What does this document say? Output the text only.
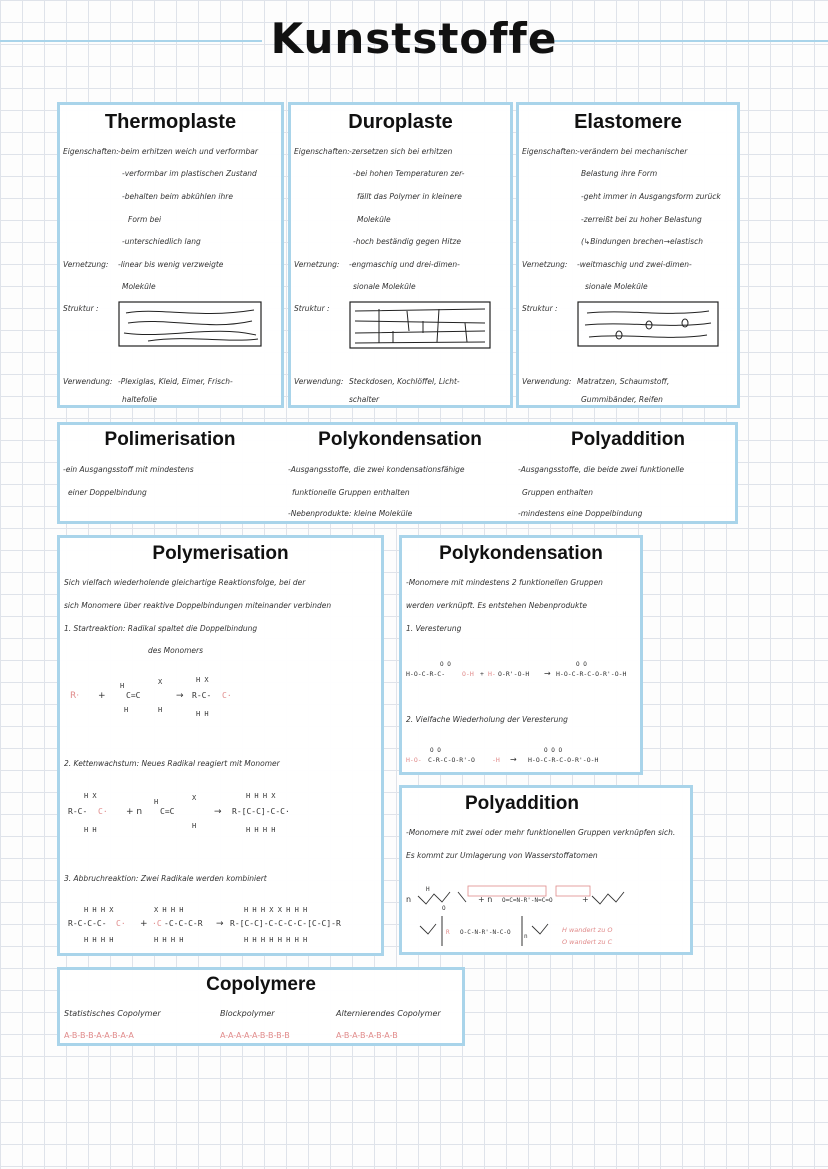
Kunststoffe
Thermoplaste
Eigenschaften: -beim erhitzen weich und verformbar
-verformbar im plastischen Zustand
-behalten beim abkühlen ihre
Form bei
-unterschiedlich lang
Vernetzung: -linear bis wenig verzweigte
Moleküle
Struktur :
Verwendung: -Plexiglas, Kleid, Eimer, Frisch-
haltefolie
Duroplaste
Eigenschaften: -zersetzen sich bei erhitzen
-bei hohen Temperaturen zer-
fällt das Polymer in kleinere
Moleküle
-hoch beständig gegen Hitze
Vernetzung: -engmaschig und drei-dimen-
sionale Moleküle
Struktur :
Verwendung: Steckdosen, Kochlöffel, Licht-
schalter
Elastomere
Eigenschaften: -verändern bei mechanischer
Belastung ihre Form
-geht immer in Ausgangsform zurück
-zerreißt bei zu hoher Belastung
(↳Bindungen brechen→elastisch
Vernetzung: -weitmaschig und zwei-dimen-
sionale Moleküle
Struktur :
Verwendung: Matratzen, Schaumstoff,
Gummibänder, Reifen
Polimerisation
-ein Ausgangsstoff mit mindestens
einer Doppelbindung
Polykondensation
-Ausgangsstoffe, die zwei kondensationsfähige
funktionelle Gruppen enthalten
-Nebenprodukte: kleine Moleküle
Polyaddition
-Ausgangsstoffe, die beide zwei funktionelle
Gruppen enthalten
-mindestens eine Doppelbindung
Polymerisation
Sich vielfach wiederholende gleichartige Reaktionsfolge, bei der
sich Monomere über reaktive Doppelbindungen miteinander verbinden
1. Startreaktion: Radikal spaltet die Doppelbindung
des Monomers
R· +
H
C=C
X
H	H
→
H X
R-C- C·
H H
2. Kettenwachstum: Neues Radikal reagiert mit Monomer
H X
R-C- C·
H H
+ n
H
C=C
X
H
→ R-[C-C]-C-C·
H H H X
H H H H
3. Abbruchreaktion: Zwei Radikale werden kombiniert
H H H X
R-C-C-C- C·
H H H H
+ ·C -C-C-C-R
X H H H
H H H H
→ R-[C-C]-C-C-C-C-[C-C]-R
H H H X X H H H
H H H H H H H H
Polykondensation
-Monomere mit mindestens 2 funktionellen Gruppen
werden verknüpft. Es entstehen Nebenprodukte
1. Veresterung
H-O-C-R-C-	O-H + H- O-R'-O-H → H-O-C-R-C-O-R'-O-H
O O	O O
2. Vielfache Wiederholung der Veresterung
H-O- C-R-C-O-R'-O	-H → H-O-C-R-C-O-R'-O-H
O O	O O O
Polyaddition
-Monomere mit zwei oder mehr funktionellen Gruppen verknüpfen sich.
Es kommt zur Umlagerung von Wasserstoffatomen
n
H
O
+ n O=C=N-R'-N=C=O	+
R O-C-N-R'-N-C-O
n
H wandert zu O
O wandert zu C
Copolymere
Statistisches Copolymer
A-B-B-B-A-A-B-A-A
Blockpolymer
A-A-A-A-A-B-B-B-B
Alternierendes Copolymer
A-B-A-B-A-B-A-B
